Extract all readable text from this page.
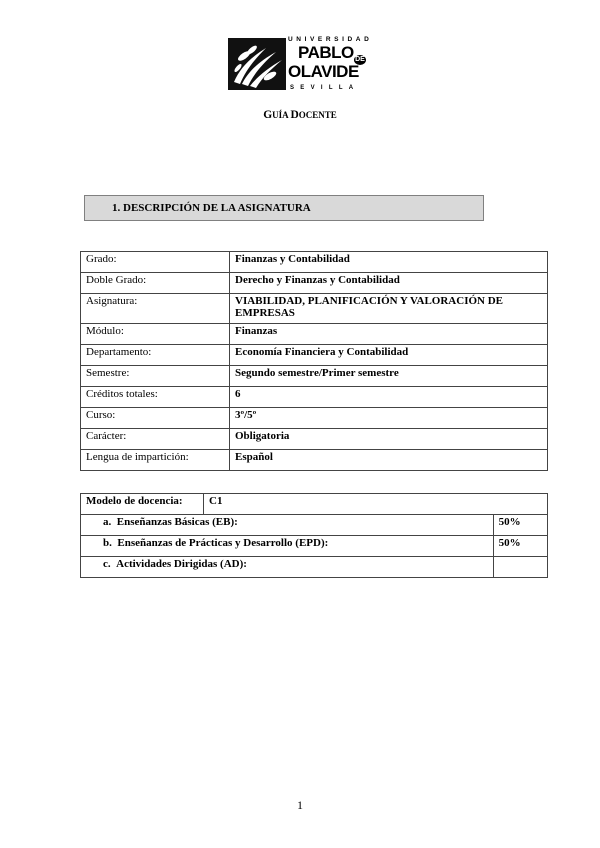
UNIVERSIDAD
PABLO DE
OLAVIDE
SEVILLA
GUÍA DOCENTE
1. DESCRIPCIÓN DE LA ASIGNATURA
Grado:	Finanzas y Contabilidad
Doble Grado:	Derecho y Finanzas y Contabilidad
Asignatura:	VIABILIDAD, PLANIFICACIÓN Y VALORACIÓN DE EMPRESAS
Módulo:	Finanzas
Departamento:	Economía Financiera y Contabilidad
Semestre:	Segundo semestre/Primer semestre
Créditos totales:	6
Curso:	3º/5º
Carácter:	Obligatoria
Lengua de impartición:	Español
Modelo de docencia:	C1	
a. Enseñanzas Básicas (EB):		50%
b. Enseñanzas de Prácticas y Desarrollo (EPD):		50%
c. Actividades Dirigidas (AD):		
1
